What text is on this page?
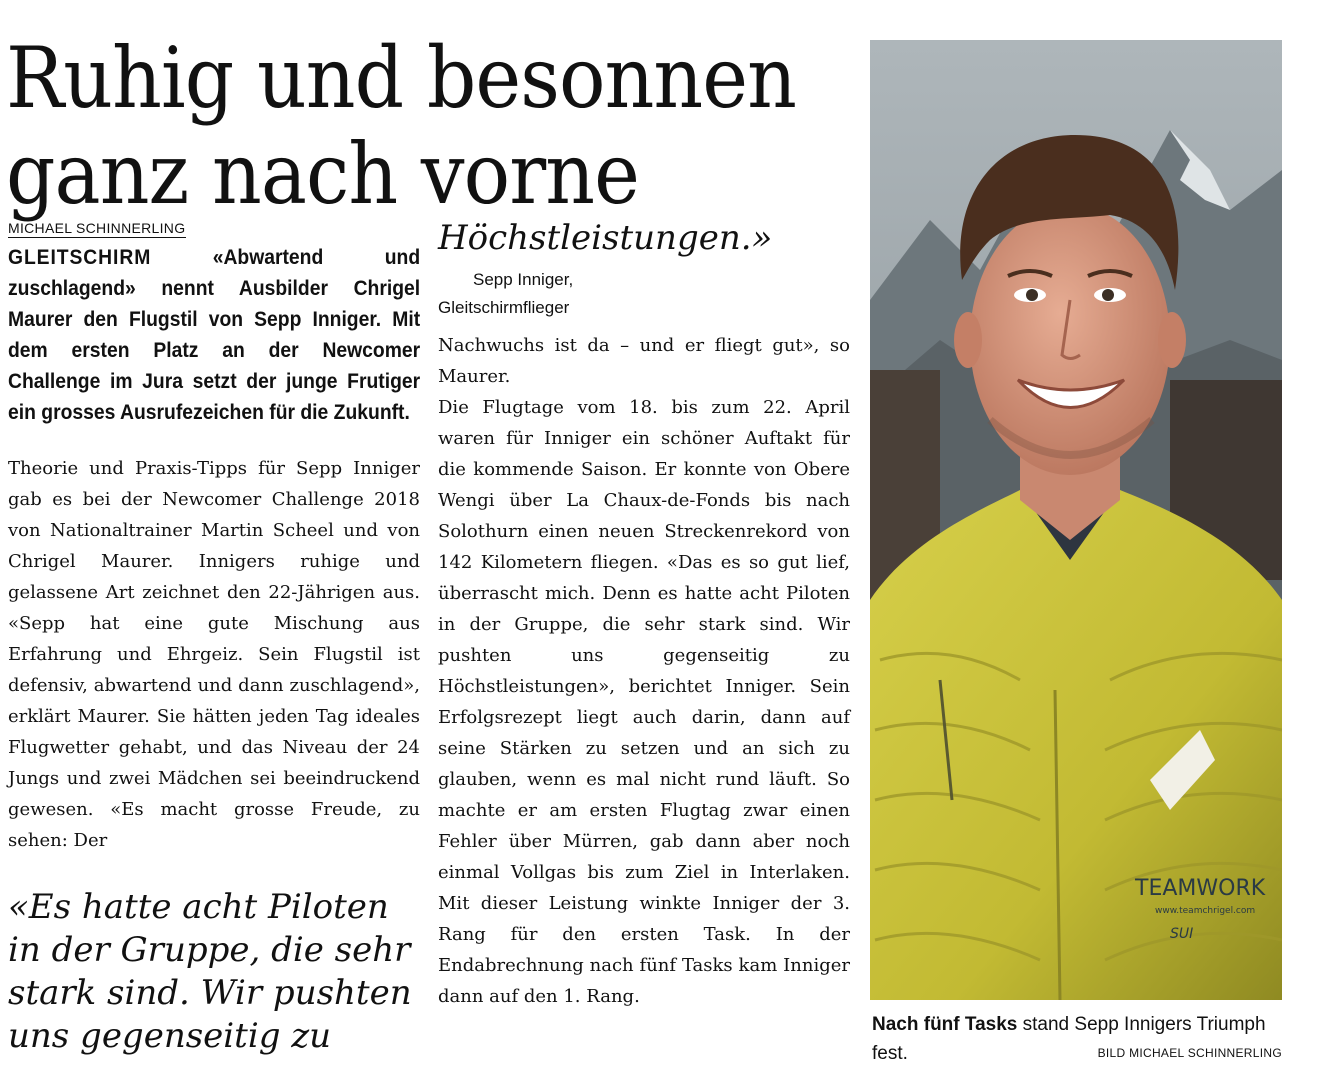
Ruhig und besonnen
ganz nach vorne
MICHAEL SCHINNERLING
GLEITSCHIRM	«Abwartend und zuschlagend» nennt Ausbilder Chrigel Maurer den Flugstil von Sepp Inniger. Mit dem ersten Platz an der Newcomer Challenge im Jura setzt der junge Frutiger ein grosses Ausrufezeichen für die Zukunft.

Theorie und Praxis-Tipps für Sepp Inniger gab es bei der Newcomer Challenge 2018 von Nationaltrainer Martin Scheel und von Chrigel Maurer. Innigers ruhige und gelassene Art zeichnet den 22-Jährigen aus. «Sepp hat eine gute Mischung aus Erfahrung und Ehrgeiz. Sein Flugstil ist defensiv, abwartend und dann zuschlagend», erklärt Maurer. Sie hätten jeden Tag ideales Flugwetter gehabt, und das Niveau der 24 Jungs und zwei Mädchen sei beeindruckend gewesen. «Es macht grosse Freude, zu sehen: Der

«Es hatte acht Piloten in der Gruppe, die sehr stark sind. Wir pushten uns gegenseitig zu
Höchstleistungen.»
Sepp Inniger,
Gleitschirmflieger

Nachwuchs ist da – und er fliegt gut», so Maurer.

Die Flugtage vom 18. bis zum 22. April waren für Inniger ein schöner Auftakt für die kommende Saison. Er konnte von Obere Wengi über La Chaux-de-Fonds bis nach Solothurn einen neuen Streckenrekord von 142 Kilometern fliegen. «Das es so gut lief, überrascht mich. Denn es hatte acht Piloten in der Gruppe, die sehr stark sind. Wir pushten uns gegenseitig zu Höchstleistungen», berichtet Inniger. Sein Erfolgsrezept liegt auch darin, dann auf seine Stärken zu setzen und an sich zu glauben, wenn es mal nicht rund läuft. So machte er am ersten Flugtag zwar einen Fehler über Mürren, gab dann aber noch einmal Vollgas bis zum Ziel in Interlaken. Mit dieser Leistung winkte Inniger der 3. Rang für den ersten Task. In der Endabrechnung nach fünf Tasks kam Inniger dann auf den 1. Rang.

TEAMWORK
www.teamchrigel.com
SUI
Nach fünf Tasks stand Sepp Innigers Triumph fest.	BILD MICHAEL SCHINNERLING
